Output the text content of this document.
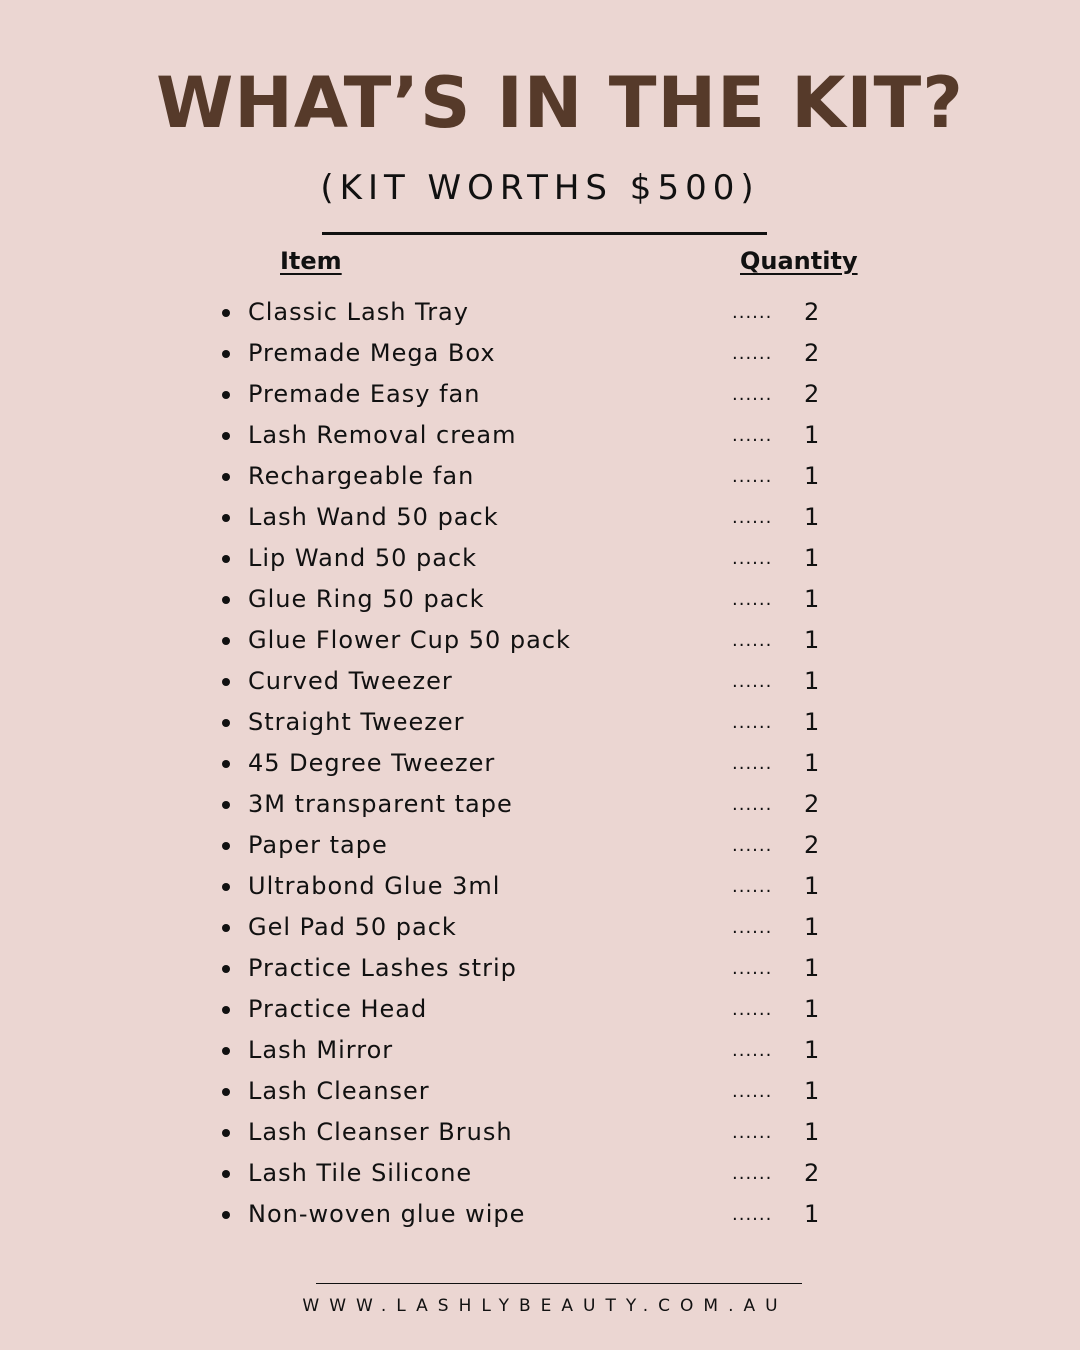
WHAT’S IN THE KIT?
(KIT WORTHS $500)
Item	Quantity
Classic Lash Tray	...... 2
Premade Mega Box	...... 2
Premade Easy fan	...... 2
Lash Removal cream	...... 1
Rechargeable fan	...... 1
Lash Wand 50 pack	...... 1
Lip Wand 50 pack	...... 1
Glue Ring 50 pack	...... 1
Glue Flower Cup 50 pack	...... 1
Curved Tweezer	...... 1
Straight Tweezer	...... 1
45 Degree Tweezer	...... 1
3M transparent tape	...... 2
Paper tape	...... 2
Ultrabond Glue 3ml	...... 1
Gel Pad 50 pack	...... 1
Practice Lashes strip	...... 1
Practice Head	...... 1
Lash Mirror	...... 1
Lash Cleanser	...... 1
Lash Cleanser Brush	...... 1
Lash Tile Silicone	...... 2
Non-woven glue wipe	...... 1
WWW.LASHLYBEAUTY.COM.AU
